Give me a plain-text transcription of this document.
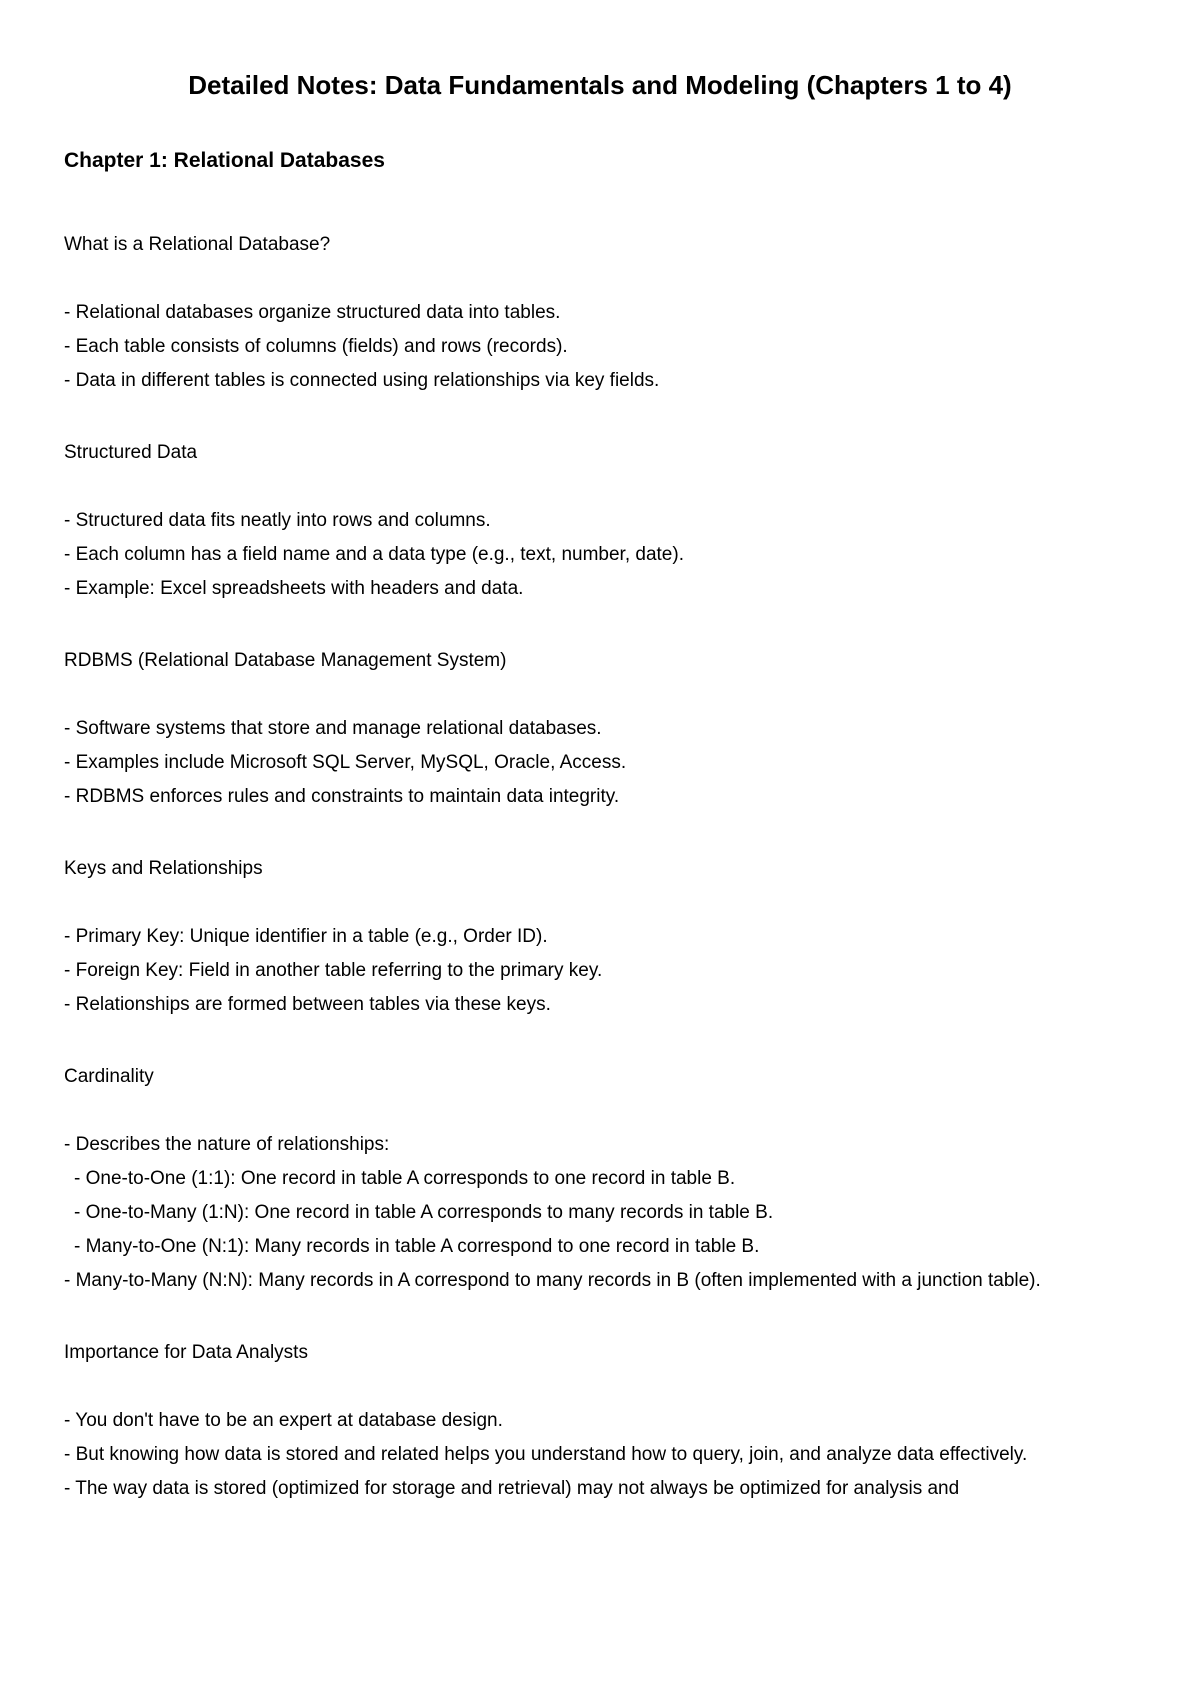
Detailed Notes: Data Fundamentals and Modeling (Chapters 1 to 4)
Chapter 1: Relational Databases
What is a Relational Database?
- Relational databases organize structured data into tables.
- Each table consists of columns (fields) and rows (records).
- Data in different tables is connected using relationships via key fields.
Structured Data
- Structured data fits neatly into rows and columns.
- Each column has a field name and a data type (e.g., text, number, date).
- Example: Excel spreadsheets with headers and data.
RDBMS (Relational Database Management System)
- Software systems that store and manage relational databases.
- Examples include Microsoft SQL Server, MySQL, Oracle, Access.
- RDBMS enforces rules and constraints to maintain data integrity.
Keys and Relationships
- Primary Key: Unique identifier in a table (e.g., Order ID).
- Foreign Key: Field in another table referring to the primary key.
- Relationships are formed between tables via these keys.
Cardinality
- Describes the nature of relationships:
- One-to-One (1:1): One record in table A corresponds to one record in table B.
- One-to-Many (1:N): One record in table A corresponds to many records in table B.
- Many-to-One (N:1): Many records in table A correspond to one record in table B.
- Many-to-Many (N:N): Many records in A correspond to many records in B (often implemented with a junction table).
Importance for Data Analysts
- You don't have to be an expert at database design.
- But knowing how data is stored and related helps you understand how to query, join, and analyze data effectively.
- The way data is stored (optimized for storage and retrieval) may not always be optimized for analysis and
